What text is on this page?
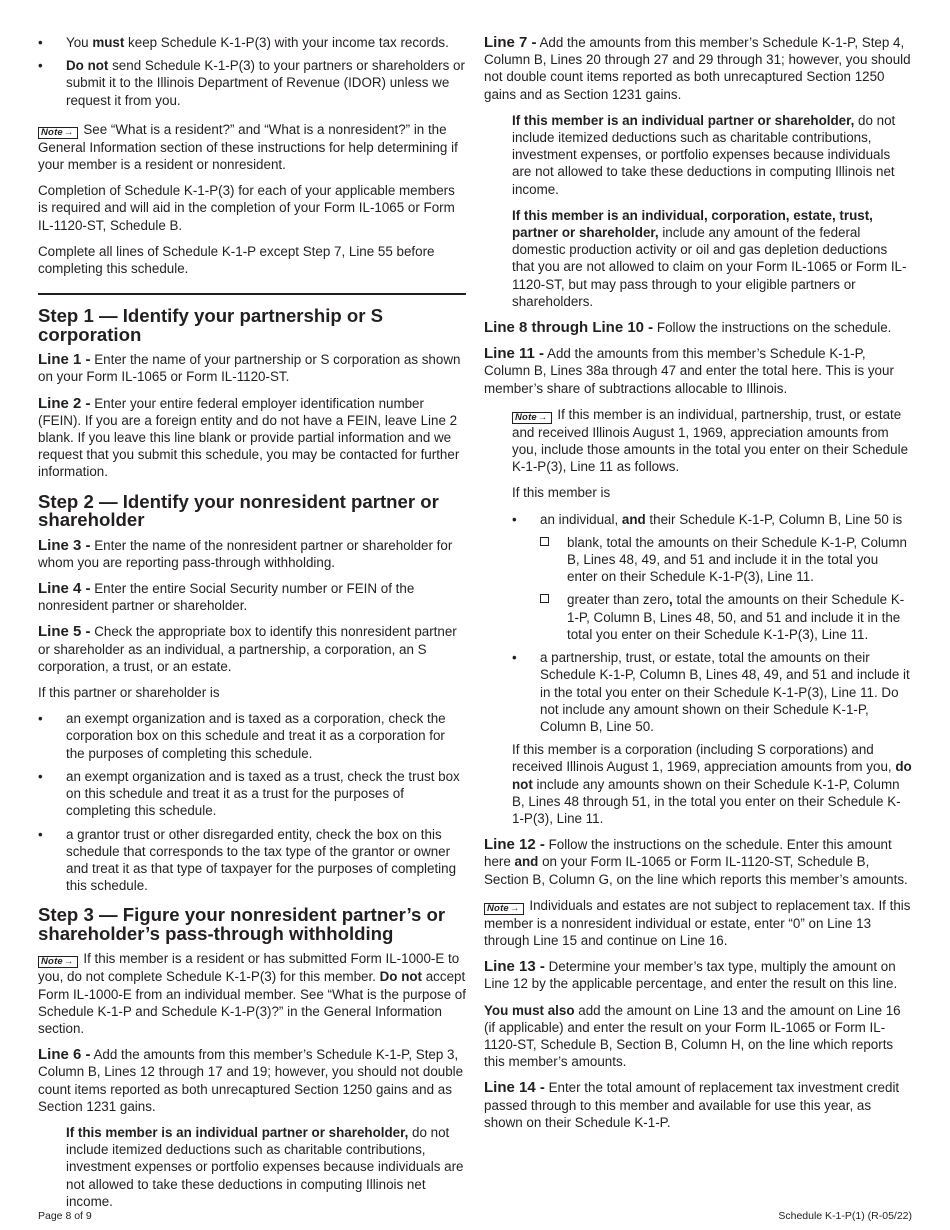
• You must keep Schedule K-1-P(3) with your income tax records.

• Do not send Schedule K-1-P(3) to your partners or shareholders or submit it to the Illinois Department of Revenue (IDOR) unless we request it from you.

Note → See “What is a resident?” and “What is a nonresident?” in the General Information section of these instructions for help determining if your member is a resident or nonresident.

Completion of Schedule K-1-P(3) for each of your applicable members is required and will aid in the completion of your Form IL-1065 or Form IL-1120-ST, Schedule B.

Complete all lines of Schedule K-1-P except Step 7, Line 55 before completing this schedule.

Step 1 — Identify your partnership or S corporation

Line 1 - Enter the name of your partnership or S corporation as shown on your Form IL-1065 or Form IL-1120-ST.

Line 2 - Enter your entire federal employer identification number (FEIN). If you are a foreign entity and do not have a FEIN, leave Line 2 blank. If you leave this line blank or provide partial information and we request that you submit this schedule, you may be contacted for further information.

Step 2 — Identify your nonresident partner or shareholder

Line 3 - Enter the name of the nonresident partner or shareholder for whom you are reporting pass-through withholding.

Line 4 - Enter the entire Social Security number or FEIN of the nonresident partner or shareholder.

Line 5 - Check the appropriate box to identify this nonresident partner or shareholder as an individual, a partnership, a corporation, an S corporation, a trust, or an estate.

If this partner or shareholder is

• an exempt organization and is taxed as a corporation, check the corporation box on this schedule and treat it as a corporation for the purposes of completing this schedule.

• an exempt organization and is taxed as a trust, check the trust box on this schedule and treat it as a trust for the purposes of completing this schedule.

• a grantor trust or other disregarded entity, check the box on this schedule that corresponds to the tax type of the grantor or owner and treat it as that type of taxpayer for the purposes of completing this schedule.

Step 3 — Figure your nonresident partner’s or shareholder’s pass-through withholding

Note → If this member is a resident or has submitted Form IL-1000-E to you, do not complete Schedule K-1-P(3) for this member. Do not accept Form IL-1000-E from an individual member. See “What is the purpose of Schedule K-1-P and Schedule K-1-P(3)?” in the General Information section.

Line 6 - Add the amounts from this member’s Schedule K-1-P, Step 3, Column B, Lines 12 through 17 and 19; however, you should not double count items reported as both unrecaptured Section 1250 gains and as Section 1231 gains.

If this member is an individual partner or shareholder, do not include itemized deductions such as charitable contributions, investment expenses or portfolio expenses because individuals are not allowed to take these deductions in computing Illinois net income.

Line 7 - Add the amounts from this member’s Schedule K-1-P, Step 4, Column B, Lines 20 through 27 and 29 through 31; however, you should not double count items reported as both unrecaptured Section 1250 gains and as Section 1231 gains.

If this member is an individual partner or shareholder, do not include itemized deductions such as charitable contributions, investment expenses, or portfolio expenses because individuals are not allowed to take these deductions in computing Illinois net income.

If this member is an individual, corporation, estate, trust, partner or shareholder, include any amount of the federal domestic production activity or oil and gas depletion deductions that you are not allowed to claim on your Form IL-1065 or Form IL-1120-ST, but may pass through to your eligible partners or shareholders.

Line 8 through Line 10 - Follow the instructions on the schedule.

Line 11 - Add the amounts from this member’s Schedule K-1-P, Column B, Lines 38a through 47 and enter the total here. This is your member’s share of subtractions allocable to Illinois.

Note → If this member is an individual, partnership, trust, or estate and received Illinois August 1, 1969, appreciation amounts from you, include those amounts in the total you enter on their Schedule K-1-P(3), Line 11 as follows.

If this member is

• an individual, and their Schedule K-1-P, Column B, Line 50 is

blank, total the amounts on their Schedule K-1-P, Column B, Lines 48, 49, and 51 and include it in the total you enter on their Schedule K-1-P(3), Line 11.

greater than zero, total the amounts on their Schedule K-1-P, Column B, Lines 48, 50, and 51 and include it in the total you enter on their Schedule K-1-P(3), Line 11.

• a partnership, trust, or estate, total the amounts on their Schedule K-1-P, Column B, Lines 48, 49, and 51 and include it in the total you enter on their Schedule K-1-P(3), Line 11. Do not include any amount shown on their Schedule K-1-P, Column B, Line 50.

If this member is a corporation (including S corporations) and received Illinois August 1, 1969, appreciation amounts from you, do not include any amounts shown on their Schedule K-1-P, Column B, Lines 48 through 51, in the total you enter on their Schedule K-1-P(3), Line 11.

Line 12 - Follow the instructions on the schedule. Enter this amount here and on your Form IL-1065 or Form IL-1120-ST, Schedule B, Section B, Column G, on the line which reports this member’s amounts.

Note → Individuals and estates are not subject to replacement tax. If this member is a nonresident individual or estate, enter “0” on Line 13 through Line 15 and continue on Line 16.

Line 13 - Determine your member’s tax type, multiply the amount on Line 12 by the applicable percentage, and enter the result on this line.

You must also add the amount on Line 13 and the amount on Line 16 (if applicable) and enter the result on your Form IL-1065 or Form IL-1120-ST, Schedule B, Section B, Column H, on the line which reports this member’s amounts.

Line 14 - Enter the total amount of replacement tax investment credit passed through to this member and available for use this year, as shown on their Schedule K-1-P.

Page 8 of 9	Schedule K-1-P(1) (R-05/22)
